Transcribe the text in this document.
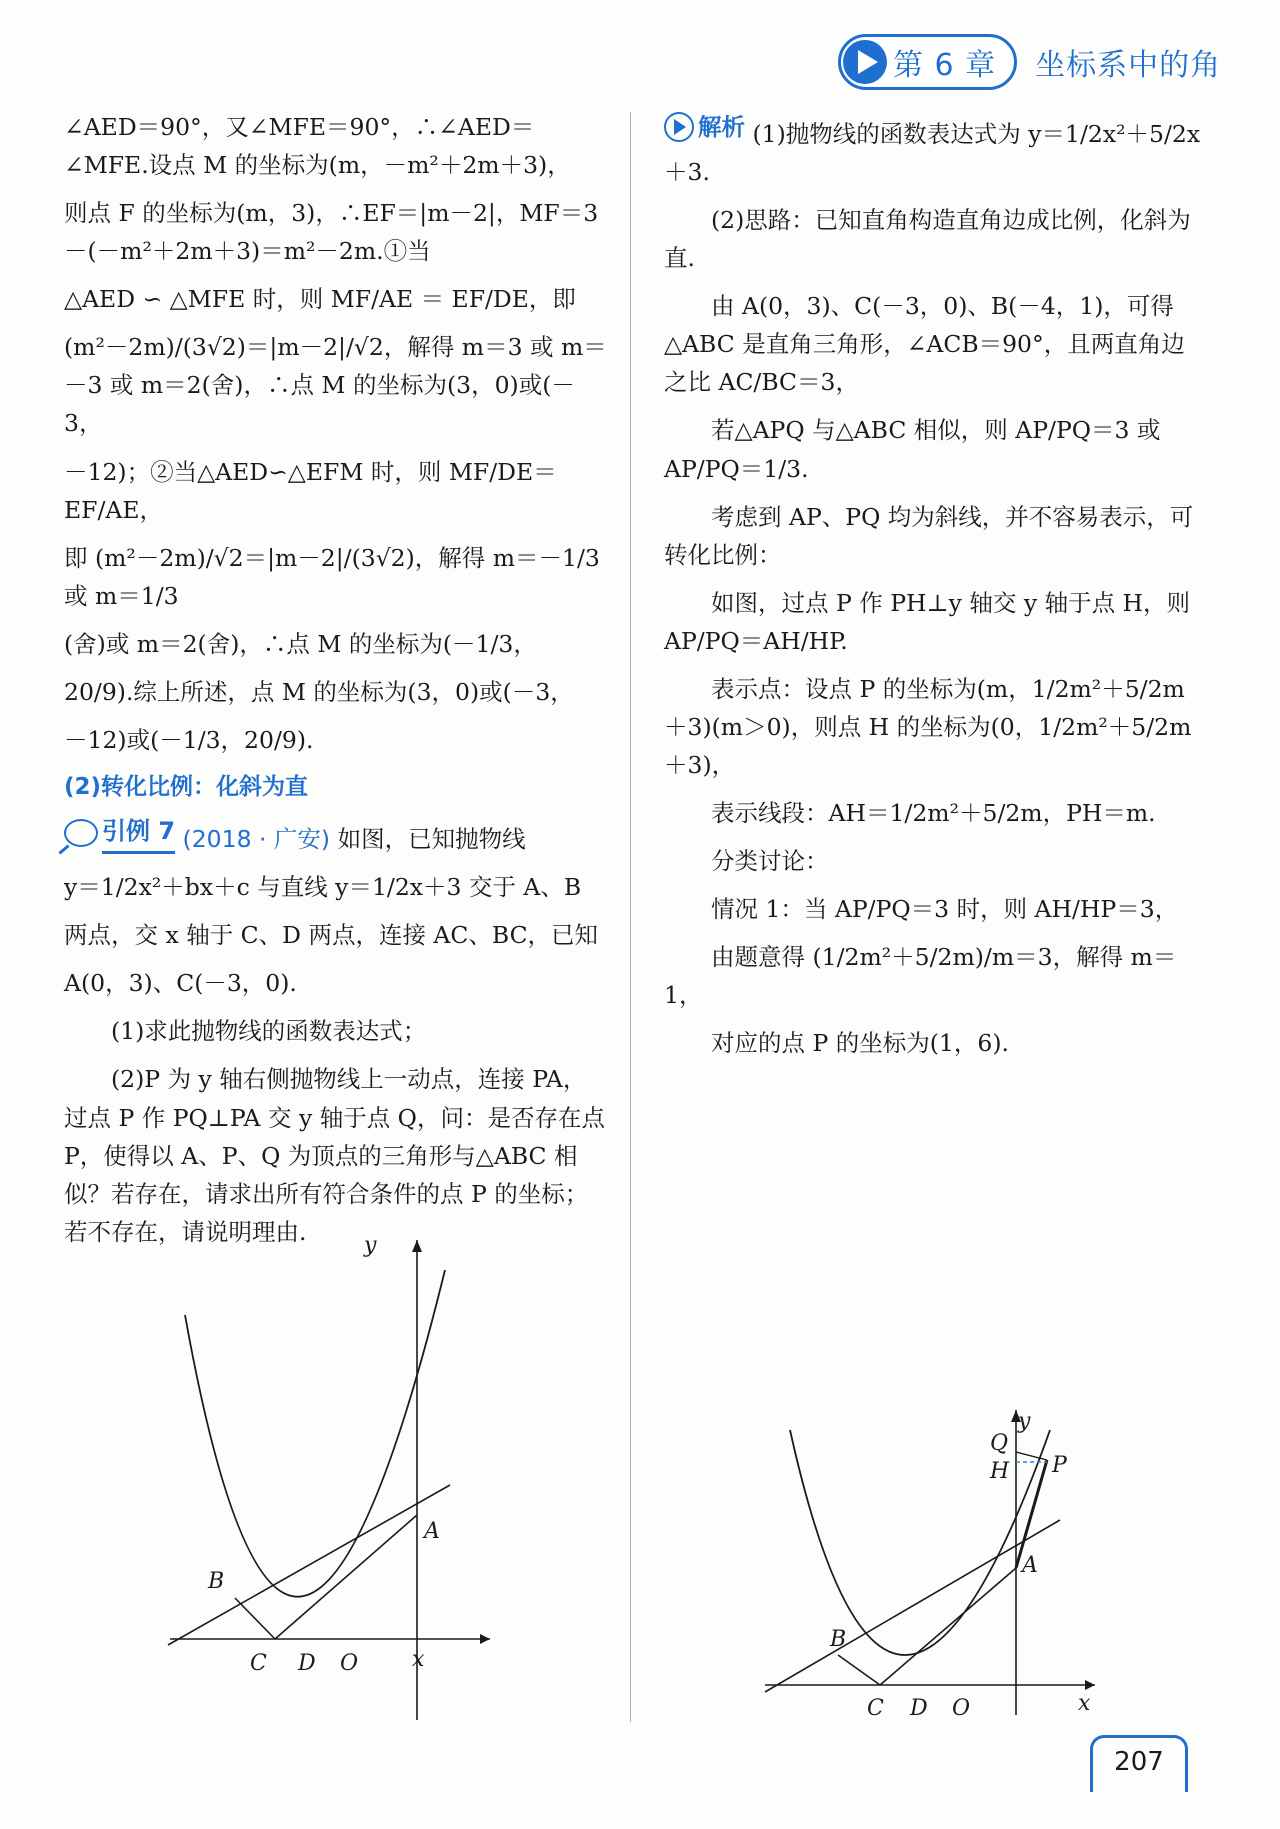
第 6 章 坐标系中的角

∠AED＝90°，又∠MFE＝90°，∴∠AED＝∠MFE.设点 M 的坐标为(m，－m²＋2m＋3)，

则点 F 的坐标为(m，3)，∴EF＝|m－2|，MF＝3－(－m²＋2m＋3)＝m²－2m.①当

△AED ∽ △MFE 时，则 MF/AE ＝ EF/DE，即

(m²－2m)/(3√2)＝|m－2|/√2，解得 m＝3 或 m＝－3 或 m＝2(舍)，∴点 M 的坐标为(3，0)或(－3，

－12)；②当△AED∽△EFM 时，则 MF/DE＝EF/AE，

即 (m²－2m)/√2＝|m－2|/(3√2)，解得 m＝－1/3 或 m＝1/3

(舍)或 m＝2(舍)，∴点 M 的坐标为(－1/3，

20/9).综上所述，点 M 的坐标为(3，0)或(－3，

－12)或(－1/3，20/9).

(2)转化比例：化斜为直

引例 7 (2018 · 广安) 如图，已知抛物线

y＝1/2x²＋bx＋c 与直线 y＝1/2x＋3 交于 A、B

两点，交 x 轴于 C、D 两点，连接 AC、BC，已知

A(0，3)、C(－3，0).

(1)求此抛物线的函数表达式；

(2)P 为 y 轴右侧抛物线上一动点，连接 PA，过点 P 作 PQ⊥PA 交 y 轴于点 Q，问：是否存在点 P，使得以 A、P、Q 为顶点的三角形与△ABC 相似？若存在，请求出所有符合条件的点 P 的坐标；若不存在，请说明理由.	y
A
B
C D O x

解析 (1)抛物线的函数表达式为 y＝1/2x²＋5/2x＋3.

(2)思路：已知直角构造直角边成比例，化斜为直.

由 A(0，3)、C(－3，0)、B(－4，1)，可得△ABC 是直角三角形，∠ACB＝90°，且两直角边之比 AC/BC＝3，

若△APQ 与△ABC 相似，则 AP/PQ＝3 或 AP/PQ＝1/3.

考虑到 AP、PQ 均为斜线，并不容易表示，可转化比例：

如图，过点 P 作 PH⊥y 轴交 y 轴于点 H，则 AP/PQ＝AH/HP.

表示点：设点 P 的坐标为(m，1/2m²＋5/2m＋3)(m＞0)，则点 H 的坐标为(0，1/2m²＋5/2m＋3)，

表示线段：AH＝1/2m²＋5/2m，PH＝m.

分类讨论：

情况 1：当 AP/PQ＝3 时，则 AH/HP＝3，

由题意得 (1/2m²＋5/2m)/m＝3，解得 m＝1，

对应的点 P 的坐标为(1，6).

y
Q
H P
A
B
C D O	x
207
